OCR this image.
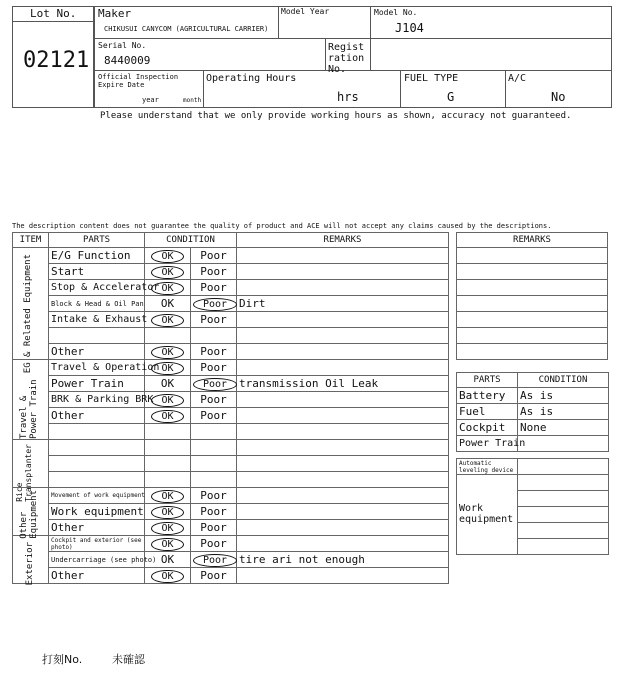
Lot No.
02121
Maker
CHIKUSUI CANYCOM (AGRICULTURAL CARRIER)
Model Year	Model No.
J104
Serial No.
8440009
Registration No.
Official Inspection Expire Date
year	month
Operating Hours
hrs
FUEL TYPE
G
A/C
No
Please understand that we only provide working hours as shown, accuracy not guaranteed.
The description content does not guarantee the quality of product and ACE will not accept any claims caused by the descriptions.
ITEM	PARTS	CONDITION		REMARKS

EG & Related Equipment	E/G Function	OK	Poor	
	Start	OK	Poor	
	Stop & Accelerator	OK	Poor	
	Block & Head & Oil Pan	OK	Poor	Dirt
	Intake & Exhaust	OK	Poor	

	Other	OK	Poor	

Travel & Power Train	Travel & Operation	OK	Poor	
	Power Train	OK	Poor	transmission Oil Leak
	BRK & Parking BRK	OK	Poor	
	Other	OK	Poor	

Rice Transplanter				

Other Equipment	Movement of work equipment	OK	Poor	
	Work equipment	OK	Poor	
	Other	OK	Poor	

Exterior	Cockpit and exterior (see photo)	OK	Poor	
	Undercarriage (see photo)	OK	Poor	tire ari not enough
	Other	OK	Poor	
REMARKS

PARTS	CONDITION
Battery	As is
Fuel	As is
Cockpit	None
Power Train	
Automatic leveling device	
Work equipment	

打刻No.	未確認
